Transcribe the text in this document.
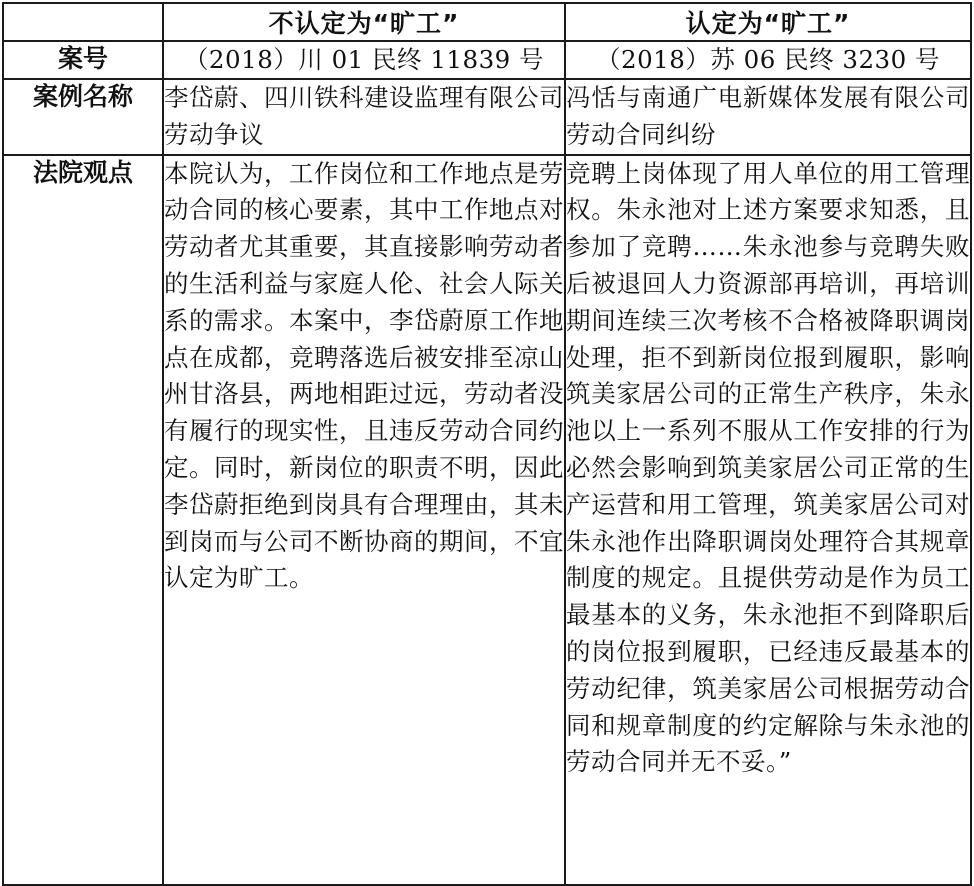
	不认定为“旷工”	认定为“旷工”
案号	（2018）川 01 民终 11839 号	（2018）苏 06 民终 3230 号
案例名称	李岱蔚、四川铁科建设监理有限公司劳动争议	冯恬与南通广电新媒体发展有限公司劳动合同纠纷
法院观点	本院认为，工作岗位和工作地点是劳动合同的核心要素，其中工作地点对劳动者尤其重要，其直接影响劳动者的生活利益与家庭人伦、社会人际关系的需求。本案中，李岱蔚原工作地点在成都，竞聘落选后被安排至凉山州甘洛县，两地相距过远，劳动者没有履行的现实性，且违反劳动合同约定。同时，新岗位的职责不明，因此李岱蔚拒绝到岗具有合理理由，其未到岗而与公司不断协商的期间，不宜认定为旷工。	竞聘上岗体现了用人单位的用工管理权。朱永池对上述方案要求知悉，且参加了竞聘……朱永池参与竞聘失败后被退回人力资源部再培训，再培训期间连续三次考核不合格被降职调岗处理，拒不到新岗位报到履职，影响筑美家居公司的正常生产秩序，朱永池以上一系列不服从工作安排的行为必然会影响到筑美家居公司正常的生产运营和用工管理，筑美家居公司对朱永池作出降职调岗处理符合其规章制度的规定。且提供劳动是作为员工最基本的义务，朱永池拒不到降职后的岗位报到履职，已经违反最基本的劳动纪律，筑美家居公司根据劳动合同和规章制度的约定解除与朱永池的劳动合同并无不妥。”
